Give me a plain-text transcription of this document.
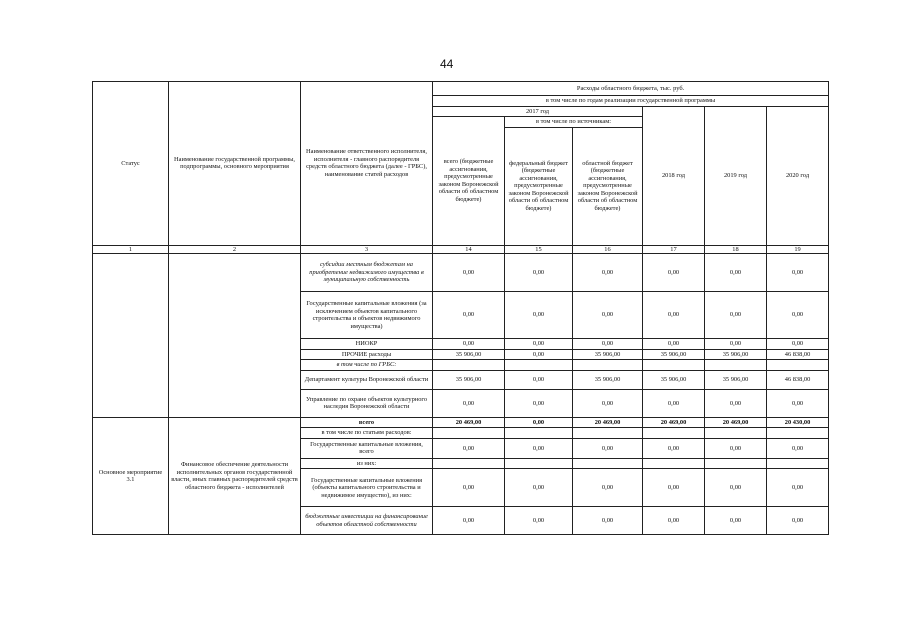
44
Статус	Наименование государственной программы, подпрограммы, основного мероприятия	Наименование ответственного исполнителя, исполнителя - главного распорядителя средств областного бюджета (далее - ГРБС), наименование статей расходов	Расходы областного бюджета, тыс. руб.					
			в том числе по годам реализации государственной программы					
			2017 год			2018 год	2019 год	2020 год
			всего (бюджетные ассигнования, предусмотренные законом Воронежской области об областном бюджете)	в том числе по источникам:				
				федеральный бюджет (бюджетные ассигнования, предусмотренные законом Воронежской области об областном бюджете)	областной бюджет (бюджетные ассигнования, предусмотренные законом Воронежской области об областном бюджете)			
1	2	3	14	15	16	17	18	19
		субсидии местным бюджетам на приобретение недвижимого имущества в муниципальную собственность	0,00	0,00	0,00	0,00	0,00	0,00
		Государственные капитальные вложения (за исключением объектов капитального строительства и объектов недвижимого имущества)	0,00	0,00	0,00	0,00	0,00	0,00
		НИОКР	0,00	0,00	0,00	0,00	0,00	0,00
		ПРОЧИЕ расходы	35 906,00	0,00	35 906,00	35 906,00	35 906,00	46 838,00
		в том числе по ГРБС:						
		Департамент культуры Воронежской области	35 906,00	0,00	35 906,00	35 906,00	35 906,00	46 838,00
		Управление по охране объектов культурного наследия Воронежской области	0,00	0,00	0,00	0,00	0,00	0,00
Основное мероприятие 3.1	Финансовое обеспечение деятельности исполнительных органов государственной власти, иных главных распорядителей средств областного бюджета - исполнителей	всего	20 469,00	0,00	20 469,00	20 469,00	20 469,00	20 430,00
		в том числе по статьям расходов:						
		Государственные капитальные вложения, всего	0,00	0,00	0,00	0,00	0,00	0,00
		из них:						
		Государственные капитальные вложения (объекты капитального строительства и недвижимое имущество), из них:	0,00	0,00	0,00	0,00	0,00	0,00
		бюджетные инвестиции на финансирование объектов областной собственности	0,00	0,00	0,00	0,00	0,00	0,00
